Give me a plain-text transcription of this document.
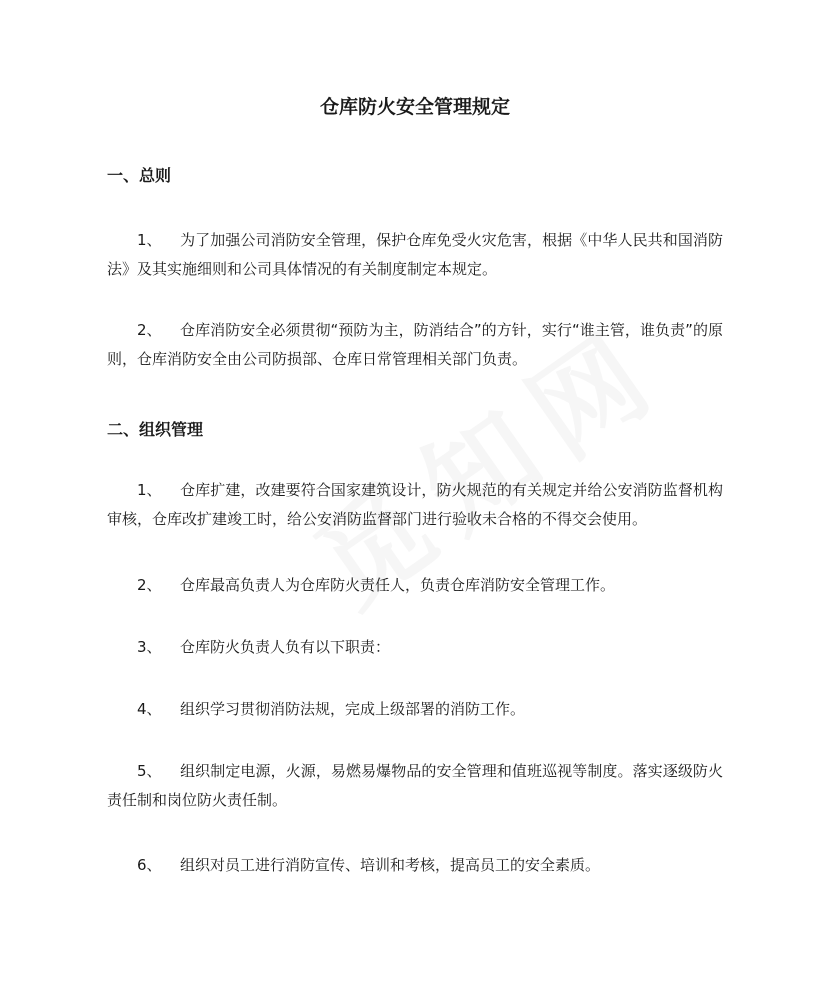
仓库防火安全管理规定
一、总则
1、 为了加强公司消防安全管理，保护仓库免受火灾危害，根据《中华人民共和国消防法》及其实施细则和公司具体情况的有关制度制定本规定。
2、 仓库消防安全必须贯彻“预防为主，防消结合”的方针，实行“谁主管，谁负责”的原则，仓库消防安全由公司防损部、仓库日常管理相关部门负责。
二、组织管理
1、 仓库扩建，改建要符合国家建筑设计，防火规范的有关规定并给公安消防监督机构审核，仓库改扩建竣工时，给公安消防监督部门进行验收未合格的不得交会使用。
2、 仓库最高负责人为仓库防火责任人，负责仓库消防安全管理工作。
3、 仓库防火负责人负有以下职责：
4、 组织学习贯彻消防法规，完成上级部署的消防工作。
5、 组织制定电源，火源，易燃易爆物品的安全管理和值班巡视等制度。落实逐级防火责任制和岗位防火责任制。
6、 组织对员工进行消防宣传、培训和考核，提高员工的安全素质。
